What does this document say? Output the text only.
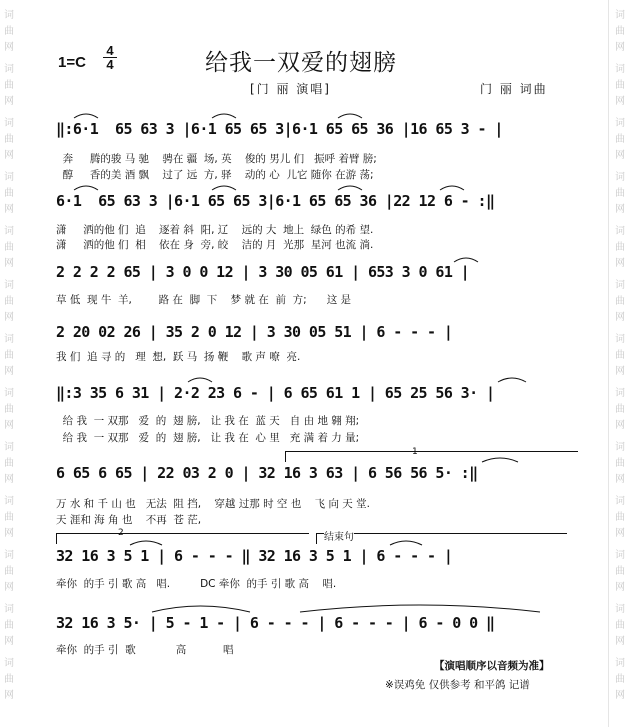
词
曲
网
词
曲
网
词
曲
网
词
曲
网
词
曲
网
词
曲
网
词
曲
网
词
曲
网
词
曲
网
词
曲
网
词
曲
网
词
曲
网
词
曲
网
词
曲
网
词
曲
网
词
曲
网
词
曲
网
词
曲
网
词
曲
网
词
曲
网
词
曲
网
词
曲
网
词
曲
网
词
曲
网
词
曲
网
词
曲
网
1=C
4
4	给我一双爱的翅膀
[门 丽 演唱]	门 丽 词曲
‖:6·1  65 63 3 |6·1 65 65 3|6·1 65 65 36 |16 65 3 - |
奔     腾的骏 马 驰    骋在 疆  场, 英    俊的 男儿 们   振呼 着臂 膀;
醇     香的美 酒 飘    过了 远  方, 驿    动的 心  儿它 随你 在游 荡;
6·1  65 63 3 |6·1 65 65 3|6·1 65 65 36 |22 12 6 - :‖
潇     洒的他 们  追    逐着 斜  阳, 辽    远的 大  地上  绿色 的希 望.
潇     洒的他 们  相    依在 身  旁, 皎    洁的 月  光那  星河 也流 淌.
2 2 2 2 65 | 3 0 0 12 | 3 30 05 61 | 653 3 0 61 |
草 低  现 牛  羊,        路 在  脚  下    梦 就 在  前  方;      这 是
2 20 02 26 | 35 2 0 12 | 3 30 05 51 | 6 - - - |
我 们  追 寻 的   理  想,  跃 马  扬 鞭    歌 声 嘹  亮.
‖:3 35 6 31 | 2·2 23 6 - | 6 65 61 1 | 65 25 56 3· |
给 我  一 双那   爱  的  翅 膀,   让 我 在  蓝 天   自 由 地 翱 翔;
给 我  一 双那   爱  的  翅 膀,   让 我 在  心 里   充 满 着 力 量;
1
6 65 6 65 | 22 03 2 0 | 32 16 3 63 | 6 56 56 5· :‖
万 水 和 千 山 也   无法  阻 挡,    穿越 过那 时 空 也    飞 向 天 堂.
天 涯和 海 角 也    不再  苍 茫,
2	结束句
32 16 3 5 1 | 6 - - - ‖ 32 16 3 5 1 | 6 - - - |
牵你  的手 引 歌 高   唱.         DC 牵你  的手 引 歌 高    唱.
32 16 3 5· | 5 - 1 - | 6 - - - | 6 - - - | 6 - 0 0 ‖
牵你  的手 引  歌            高           唱
【演唱顺序以音频为准】
※误鸡免 仅供参考 和平鸽 记谱
